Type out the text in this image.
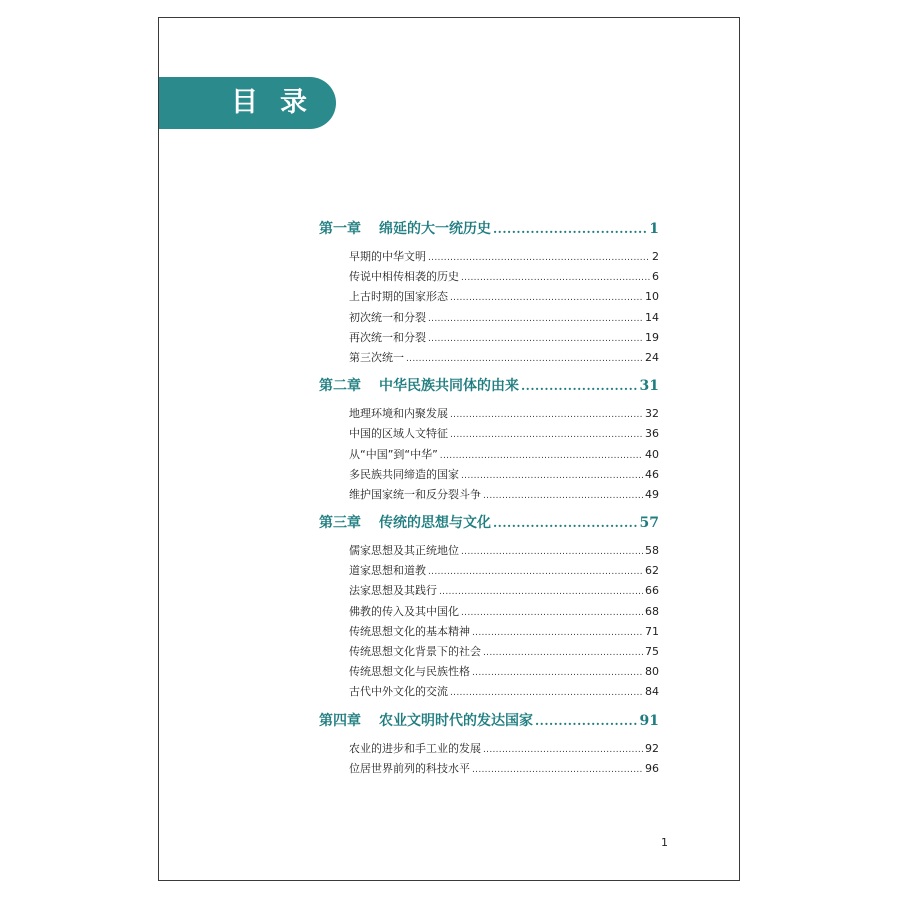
目录
第一章 绵延的大一统历史 .....	1
早期的中华文明 .....	2
传说中相传相袭的历史 .....	6
上古时期的国家形态 .....	10
初次统一和分裂 .....	14
再次统一和分裂 .....	19
第三次统一 .....	24
第二章 中华民族共同体的由来 .....	31
地理环境和内聚发展 .....	32
中国的区域人文特征 .....	36
从“中国”到“中华” .....	40
多民族共同缔造的国家 .....	46
维护国家统一和反分裂斗争 .....	49
第三章 传统的思想与文化 .....	57
儒家思想及其正统地位 .....	58
道家思想和道教 .....	62
法家思想及其践行 .....	66
佛教的传入及其中国化 .....	68
传统思想文化的基本精神 .....	71
传统思想文化背景下的社会 .....	75
传统思想文化与民族性格 .....	80
古代中外文化的交流 .....	84
第四章 农业文明时代的发达国家 .....	91
农业的进步和手工业的发展 .....	92
位居世界前列的科技水平 .....	96
1
